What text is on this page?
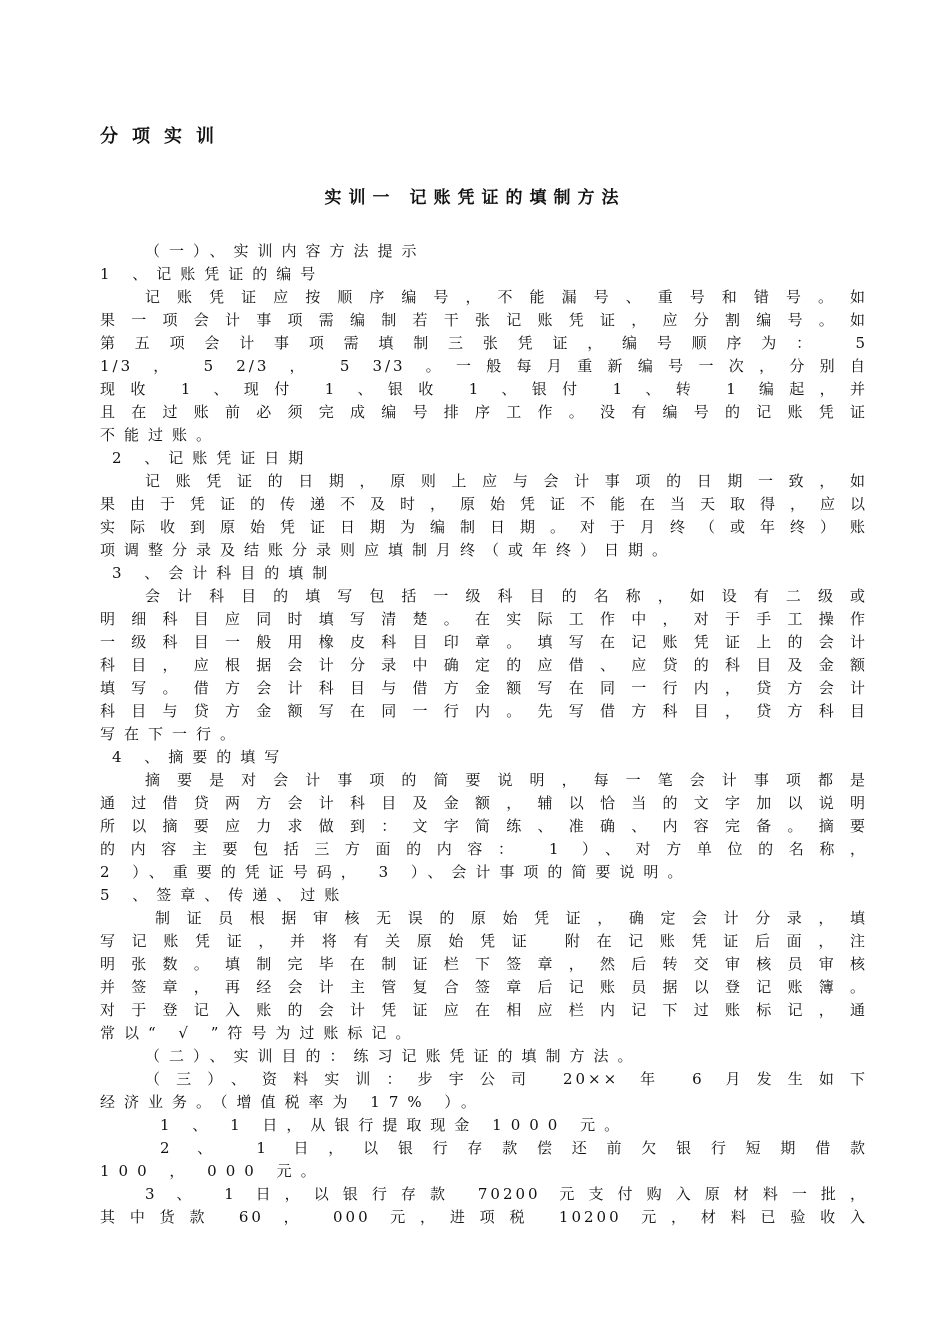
分项实训
实训一 记账凭证的填制方法
（一）、实训内容方法提示
1 、记账凭证的编号
记账凭证应按顺序编号，不能漏号、重号和错号。如
果一项会计事项需编制若干张记账凭证，应分割编号。如
第五项会计事项需填制三张凭证，编号顺序为： 5
1/3 ， 5 2/3 ， 5 3/3 。一般每月重新编号一次，分别自
现收 1 、现付 1 、银收 1 、银付 1 、转 1 编起，并
且在过账前必须完成编号排序工作。没有编号的记账凭证
不能过账。
2 、记账凭证日期
记账凭证的日期，原则上应与会计事项的日期一致，如
果由于凭证的传递不及时，原始凭证不能在当天取得，应以
实际收到原始凭证日期为编制日期。对于月终（或年终）账
项调整分录及结账分录则应填制月终（或年终）日期。
3 、会计科目的填制
会计科目的填写包括一级科目的名称，如设有二级或
明细科目应同时填写清楚。在实际工作中，对于手工操作
一级科目一般用橡皮科目印章。填写在记账凭证上的会计
科目，应根据会计分录中确定的应借、应贷的科目及金额
填写。借方会计科目与借方金额写在同一行内，贷方会计
科目与贷方金额写在同一行内。先写借方科目，贷方科目
写在下一行。
4 、摘要的填写
摘要是对会计事项的简要说明，每一笔会计事项都是
通过借贷两方会计科目及金额，辅以恰当的文字加以说明
所以摘要应力求做到：文字简练、准确、内容完备。摘要
的内容主要包括三方面的内容： 1 ）、对方单位的名称，
2 ）、重要的凭证号码， 3 ）、会计事项的简要说明。
5 、签章、传递、过账
制证员根据审核无误的原始凭证，确定会计分录，填
写记账凭证，并将有关原始凭证 附在记账凭证后面，注
明张数。填制完毕在制证栏下签章，然后转交审核员审核
并签章，再经会计主管复合签章后记账员据以登记账簿。
对于登记入账的会计凭证应在相应栏内记下过账标记，通
常以“ √ ”符号为过账标记。
（二）、实训目的：练习记账凭证的填制方法。
（三）、资料实训：步宇公司 20×× 年 6 月发生如下
经济业务。（增值税率为 17% ）。
1 、 1 日，从银行提取现金 1000 元。
2 、 1 日，以银行存款偿还前欠银行短期借款
100 ， 000 元。
3 、 1 日，以银行存款 70200 元支付购入原材料一批，
其中货款 60 ， 000 元，进项税 10200 元，材料已验收入
